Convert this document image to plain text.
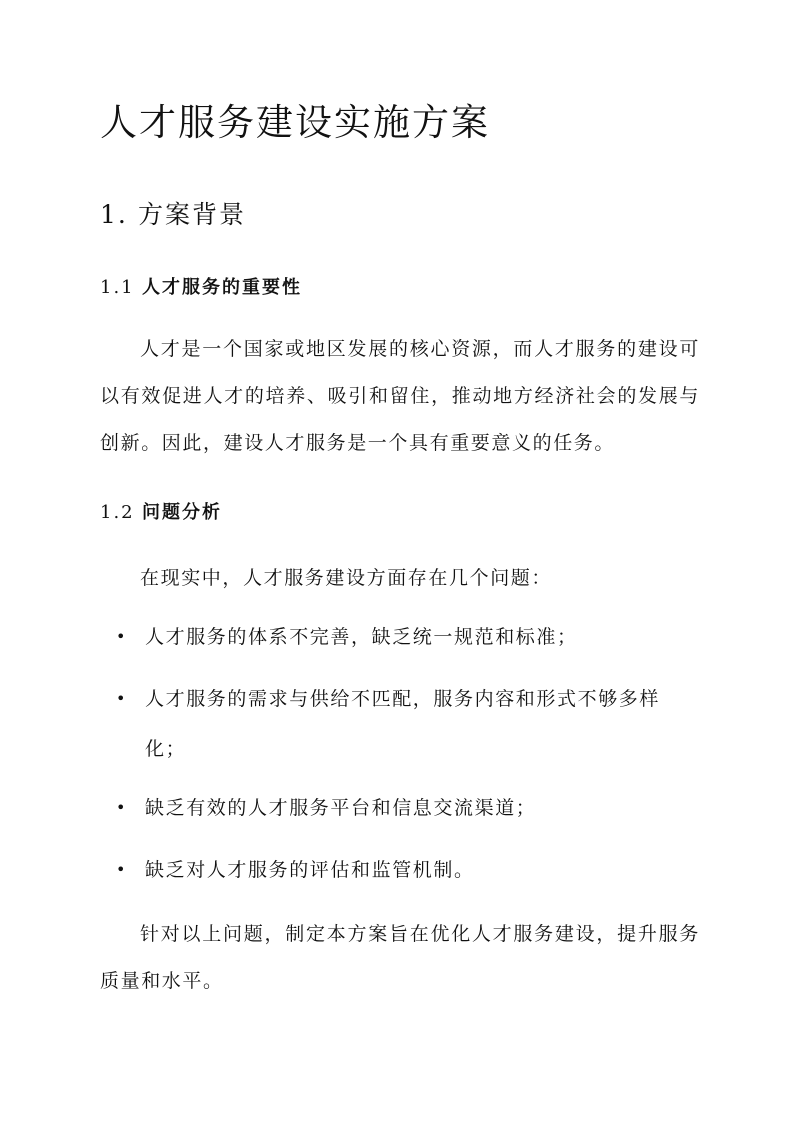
人才服务建设实施方案
1. 方案背景
1.1 人才服务的重要性
人才是一个国家或地区发展的核心资源，而人才服务的建设可以有效促进人才的培养、吸引和留住，推动地方经济社会的发展与创新。因此，建设人才服务是一个具有重要意义的任务。
1.2 问题分析
在现实中，人才服务建设方面存在几个问题：
• 人才服务的体系不完善，缺乏统一规范和标准；
• 人才服务的需求与供给不匹配，服务内容和形式不够多样化；
• 缺乏有效的人才服务平台和信息交流渠道；
• 缺乏对人才服务的评估和监管机制。
针对以上问题，制定本方案旨在优化人才服务建设，提升服务质量和水平。
